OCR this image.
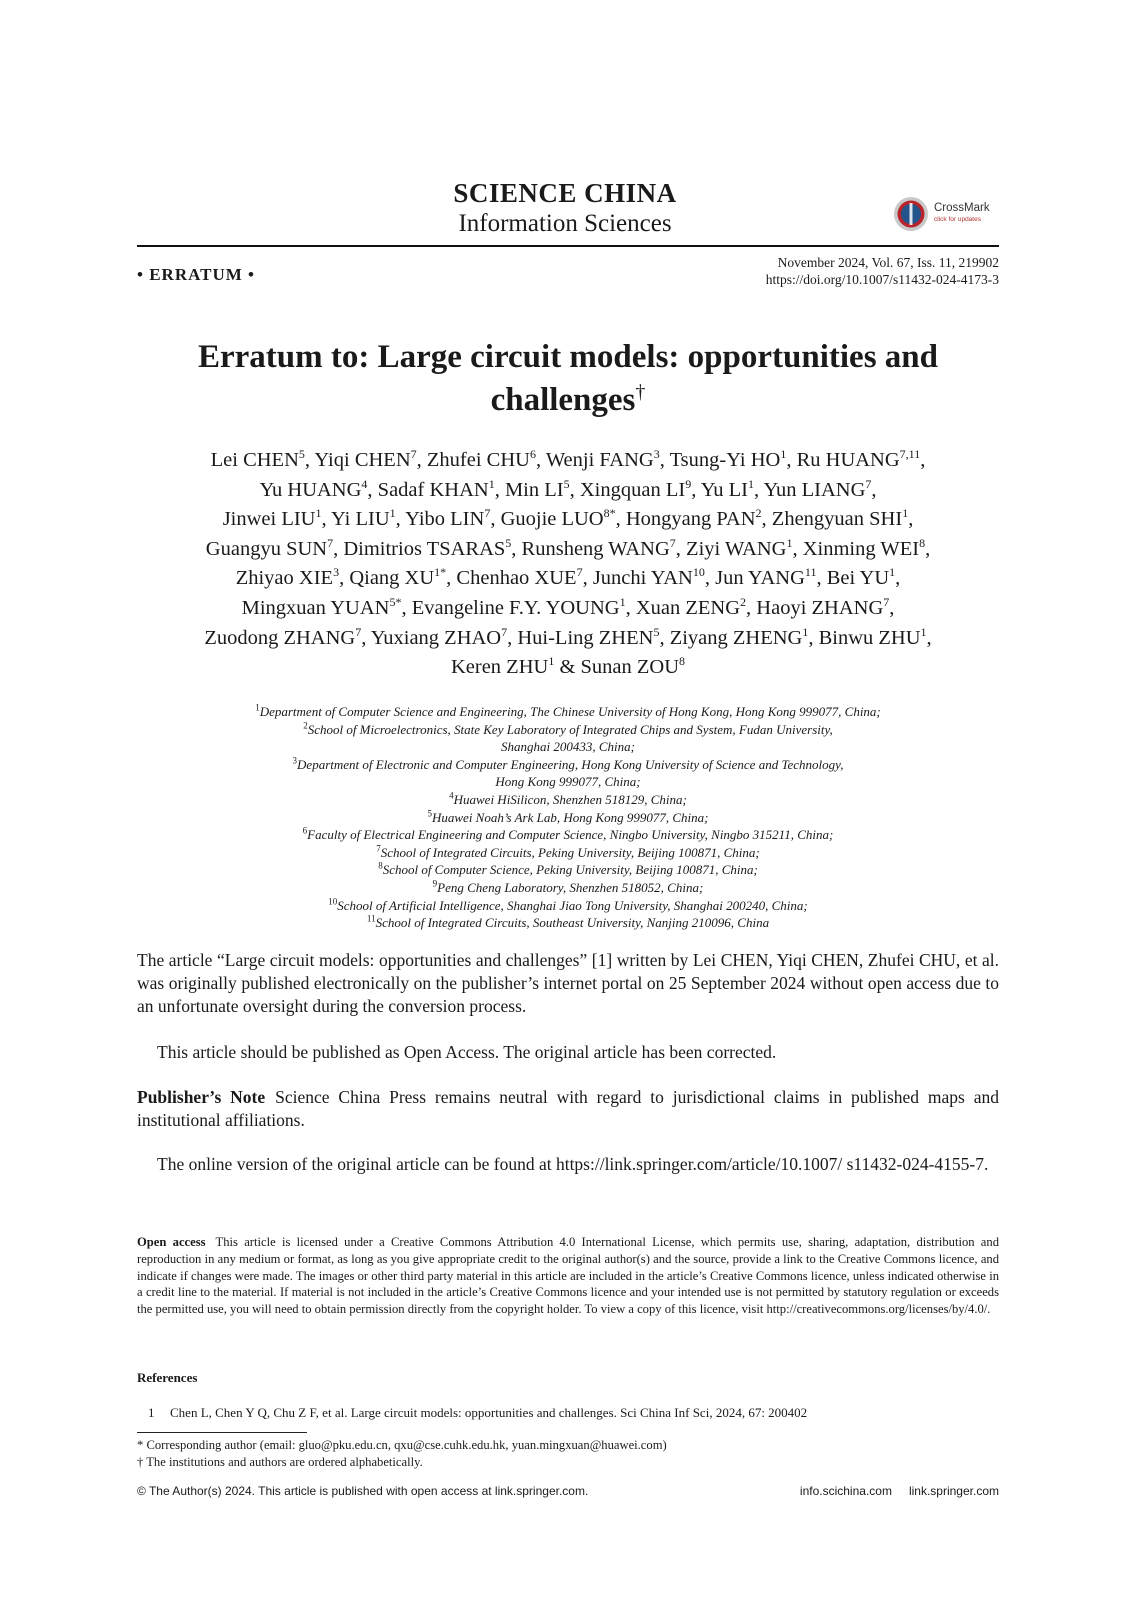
SCIENCE CHINA
Information Sciences
CrossMark
click for updates
• ERRATUM •
November 2024, Vol. 67, Iss. 11, 219902
https://doi.org/10.1007/s11432-024-4173-3
Erratum to: Large circuit models: opportunities and
challenges†
Lei CHEN$^5$, Yiqi CHEN$^7$, Zhufei CHU$^6$, Wenji FANG$^3$, Tsung-Yi $HO^1$, Ru HUANG$^{7,11}$,
Yu HUANG$^4$, Sadaf KHAN$^1$, Min $LI^5$, Xingquan $LI^9$, Yu $LI^1$, Yun LIANG$^7$,
Jinwei LIU$^1$, Yi LIU$^1$, Yibo LIN$^7$, Guojie $LUO^{8*}$, Hongyang PAN$^2$, Zhengyuan SHI$^1$,
Guangyu SUN$^7$, Dimitrios TSARAS$^5$, Runsheng WANG$^7$, Ziyi WANG$^1$, Xinming WEI$^8$,
Zhiyao XIE$^3$, Qiang $XU^{1*}$, Chenhao XUE$^7$, Junchi YAN$^{10}$, Jun YANG$^{11}$, Bei $YU^1$,
Mingxuan $YUAN^{5*}$, Evangeline F.Y. YOUNG$^1$, Xuan ZENG$^2$, Haoyi ZHANG$^7$,
Zuodong ZHANG$^7$, Yuxiang ZHAO$^7$, Hui-Ling ZHEN$^5$, Ziyang ZHENG$^1$, Binwu ZHU$^1$,
Keren ZHU$^1$ & Sunan ZOU$^8$
$^1$Department of Computer Science and Engineering, The Chinese University of Hong Kong, Hong Kong 999077, China;
$^2$School of Microelectronics, State Key Laboratory of Integrated Chips and System, Fudan University,
Shanghai 200433, China;
$^3$Department of Electronic and Computer Engineering, Hong Kong University of Science and Technology,
Hong Kong 999077, China;
$^4$Huawei HiSilicon, Shenzhen 518129, China;
$^5$Huawei Noah’s Ark Lab, Hong Kong 999077, China;
$^6$Faculty of Electrical Engineering and Computer Science, Ningbo University, Ningbo 315211, China;
$^7$School of Integrated Circuits, Peking University, Beijing 100871, China;
$^8$School of Computer Science, Peking University, Beijing 100871, China;
$^9$Peng Cheng Laboratory, Shenzhen 518052, China;
$^{10}$School of Artificial Intelligence, Shanghai Jiao Tong University, Shanghai 200240, China;
$^{11}$School of Integrated Circuits, Southeast University, Nanjing 210096, China
The article “Large circuit models: opportunities and challenges” [1] written by Lei CHEN, Yiqi CHEN, Zhufei CHU, et al. was originally published electronically on the publisher’s internet portal on 25 September 2024 without open access due to an unfortunate oversight during the conversion process.
This article should be published as Open Access. The original article has been corrected.
Publisher’s Note Science China Press remains neutral with regard to jurisdictional claims in published maps and institutional affiliations.
The online version of the original article can be found at https://link.springer.com/article/10.1007/ s11432-024-4155-7.
Open access This article is licensed under a Creative Commons Attribution 4.0 International License, which permits use, sharing, adaptation, distribution and reproduction in any medium or format, as long as you give appropriate credit to the original author(s) and the source, provide a link to the Creative Commons licence, and indicate if changes were made. The images or other third party material in this article are included in the article’s Creative Commons licence, unless indicated otherwise in a credit line to the material. If material is not included in the article’s Creative Commons licence and your intended use is not permitted by statutory regulation or exceeds the permitted use, you will need to obtain permission directly from the copyright holder. To view a copy of this licence, visit http://creativecommons.org/licenses/by/4.0/.
References
1 Chen L, Chen Y Q, Chu Z F, et al. Large circuit models: opportunities and challenges. Sci China Inf Sci, 2024, 67: 200402
* Corresponding author (email: gluo@pku.edu.cn, qxu@cse.cuhk.edu.hk, yuan.mingxuan@huawei.com)
† The institutions and authors are ordered alphabetically.
© The Author(s) 2024. This article is published with open access at link.springer.com.	info.scichina.com link.springer.com
